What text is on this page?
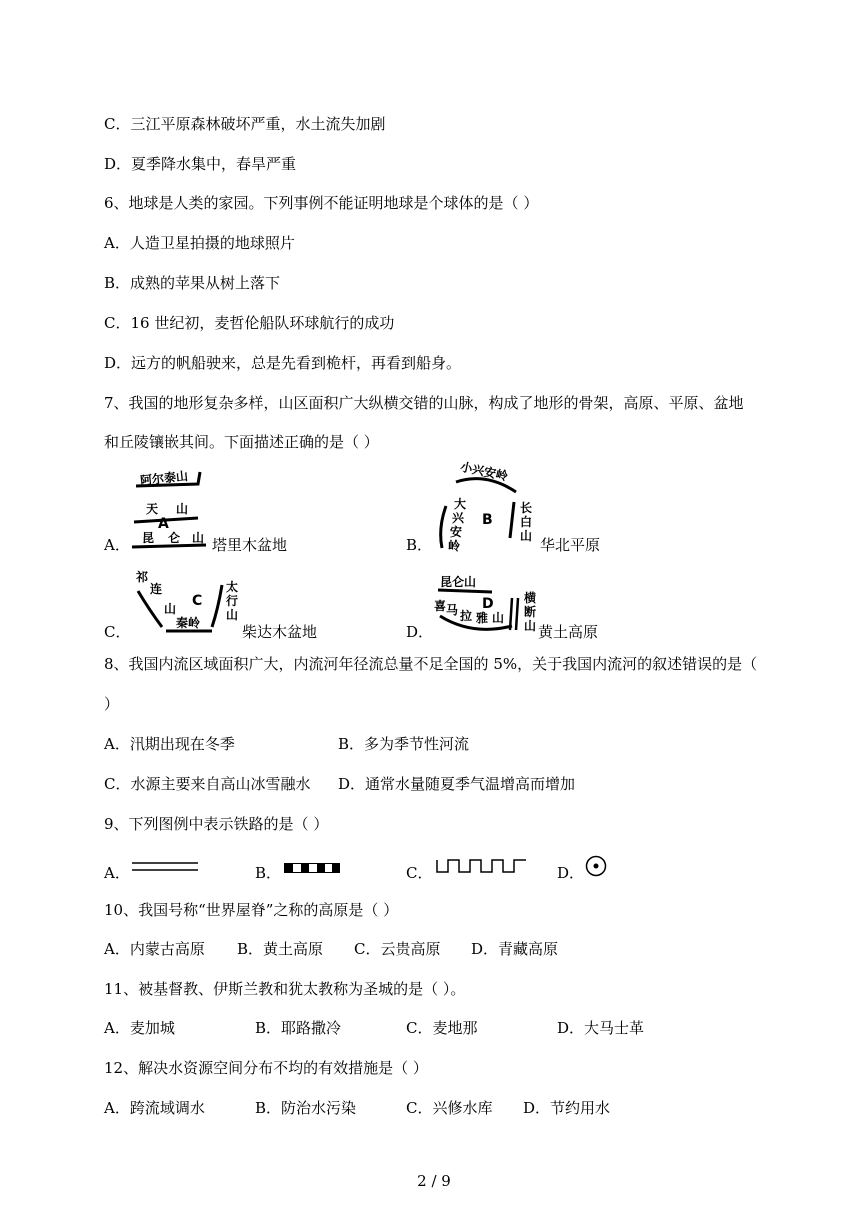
C．三江平原森林破坏严重，水土流失加剧
D．夏季降水集中，春旱严重
6、地球是人类的家园。下列事例不能证明地球是个球体的是（ ）
A．人造卫星拍摄的地球照片
B．成熟的苹果从树上落下
C．16 世纪初，麦哲伦船队环球航行的成功
D．远方的帆船驶来，总是先看到桅杆，再看到船身。
7、我国的地形复杂多样，山区面积广大纵横交错的山脉，构成了地形的骨架，高原、平原、盆地
和丘陵镶嵌其间。下面描述正确的是（ ）
A．
阿尔泰山
天 山
A
昆 仑 山 塔里木盆地	B．
小兴安岭
大
兴
安
岭
B
长
白
山 华北平原
C．
祁
连
山 C
太
行
山
秦岭	柴达木盆地	D．
昆仑山
喜 马 拉 雅 山
D	横
断
山 黄土高原
8、我国内流区域面积广大，内流河年径流总量不足全国的 5%，关于我国内流河的叙述错误的是（
）
A．汛期出现在冬季	B．多为季节性河流
C．水源主要来自高山冰雪融水 D．通常水量随夏季气温增高而增加
9、下列图例中表示铁路的是（ ）
A．	B．	C．	D．
10、我国号称“世界屋脊”之称的高原是（ ）
A．内蒙古高原 B．黄土高原 C．云贵高原 D．青藏高原
11、被基督教、伊斯兰教和犹太教称为圣城的是（ ）。
A．麦加城	B．耶路撒冷	C．麦地那	D．大马士革
12、解决水资源空间分布不均的有效措施是（ ）
A．跨流域调水	B．防治水污染	C．兴修水库 D．节约用水
2 / 9
